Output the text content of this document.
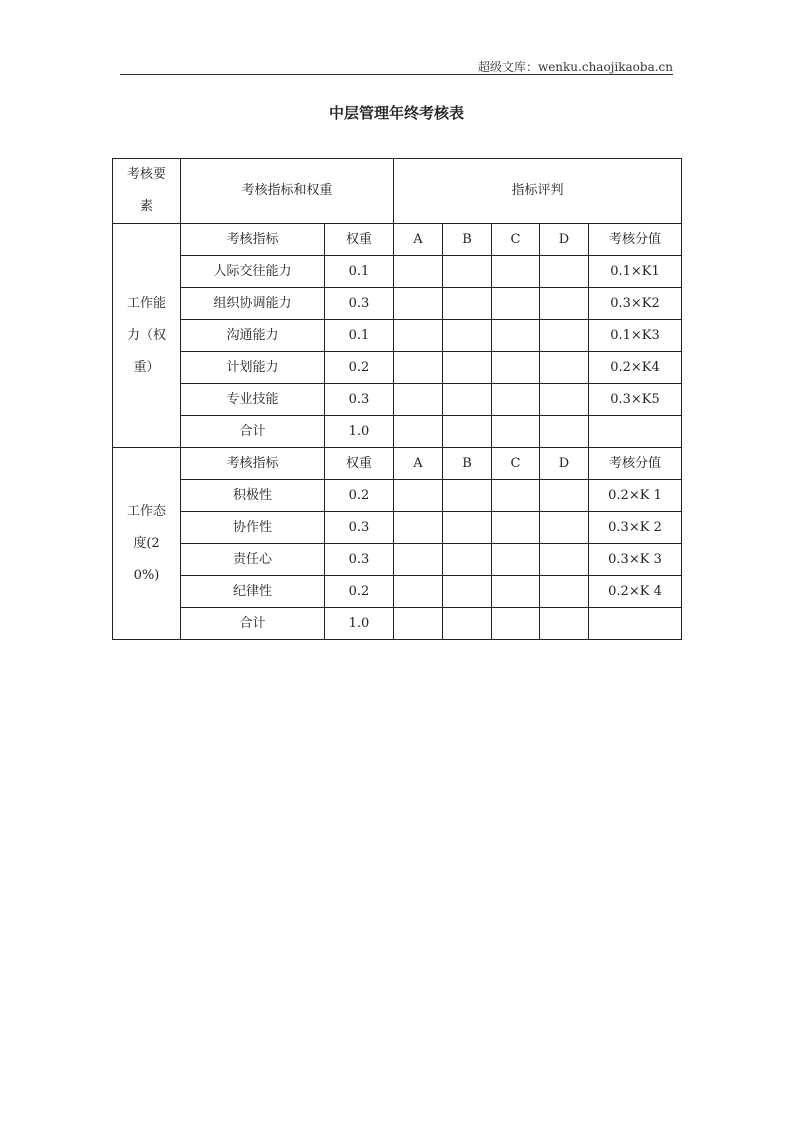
超级文库：wenku.chaojikaoba.cn
中层管理年终考核表
考核要素	考核指标和权重		指标评判				
工作能力（权重）	考核指标	权重	A	B	C	D	考核分值
	人际交往能力	0.1					0.1×K1
	组织协调能力	0.3					0.3×K2
	沟通能力	0.1					0.1×K3
	计划能力	0.2					0.2×K4
	专业技能	0.3					0.3×K5
	合计	1.0					
工作态度(20%)	考核指标	权重	A	B	C	D	考核分值
	积极性	0.2					0.2×K 1
	协作性	0.3					0.3×K 2
	责任心	0.3					0.3×K 3
	纪律性	0.2					0.2×K 4
	合计	1.0					
